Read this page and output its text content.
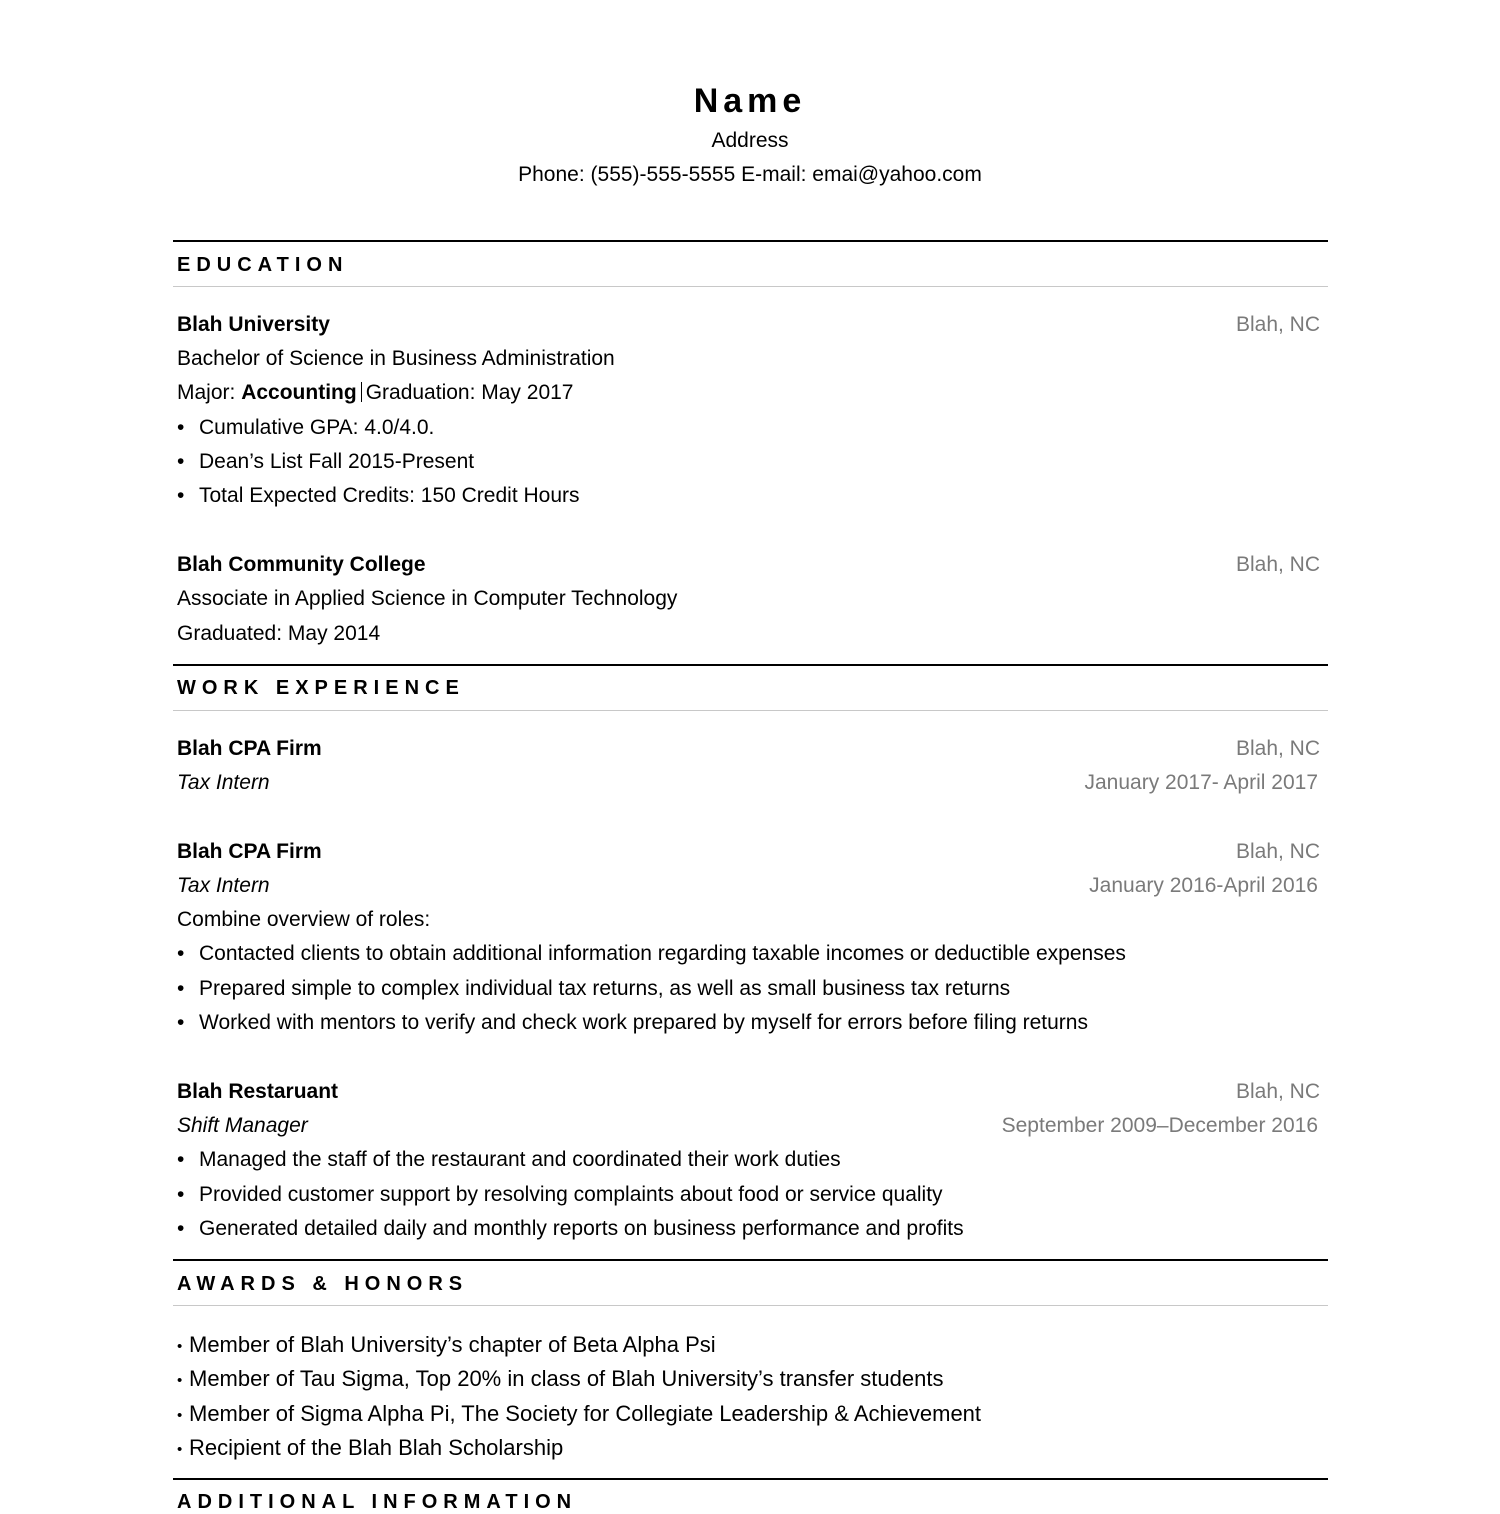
Name
Address
Phone: (555)-555-5555 E-mail: emai@yahoo.com
EDUCATION
Blah University	Blah, NC
Bachelor of Science in Business Administration
Major: Accounting Graduation: May 2017
• Cumulative GPA: 4.0/4.0.
• Dean’s List Fall 2015-Present
• Total Expected Credits: 150 Credit Hours
Blah Community College	Blah, NC
Associate in Applied Science in Computer Technology
Graduated: May 2014
WORK EXPERIENCE
Blah CPA Firm	Blah, NC
Tax Intern	January 2017- April 2017
Blah CPA Firm	Blah, NC
Tax Intern	January 2016-April 2016
Combine overview of roles:
• Contacted clients to obtain additional information regarding taxable incomes or deductible expenses
• Prepared simple to complex individual tax returns, as well as small business tax returns
• Worked with mentors to verify and check work prepared by myself for errors before filing returns
Blah Restaruant	Blah, NC
Shift Manager	September 2009–December 2016
• Managed the staff of the restaurant and coordinated their work duties
• Provided customer support by resolving complaints about food or service quality
• Generated detailed daily and monthly reports on business performance and profits
AWARDS & HONORS
• Member of Blah University’s chapter of Beta Alpha Psi
• Member of Tau Sigma, Top 20% in class of Blah University’s transfer students
• Member of Sigma Alpha Pi, The Society for Collegiate Leadership & Achievement
• Recipient of the Blah Blah Scholarship
ADDITIONAL INFORMATION
